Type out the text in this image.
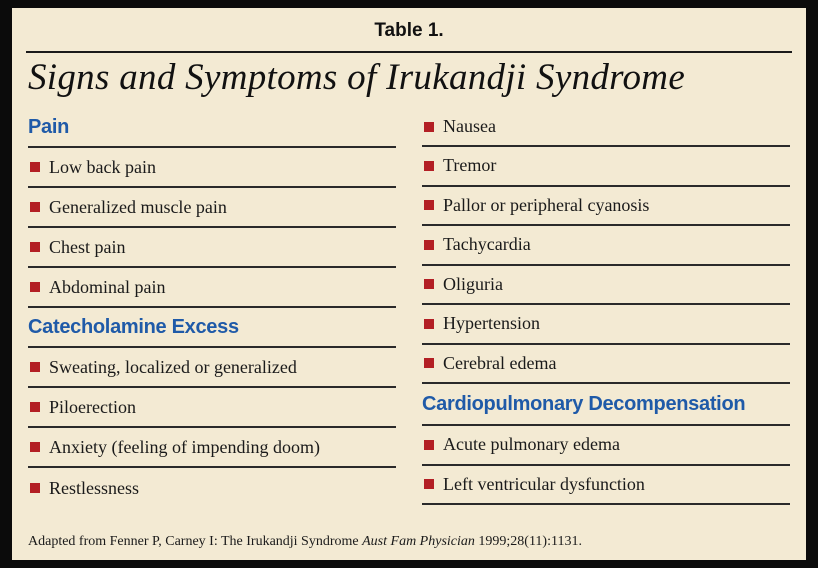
Table 1.
Signs and Symptoms of Irukandji Syndrome
Pain
Low back pain
Generalized muscle pain
Chest pain
Abdominal pain
Catecholamine Excess
Sweating, localized or generalized
Piloerection
Anxiety (feeling of impending doom)
Restlessness
Nausea
Tremor
Pallor or peripheral cyanosis
Tachycardia
Oliguria
Hypertension
Cerebral edema
Cardiopulmonary Decompensation
Acute pulmonary edema
Left ventricular dysfunction
Adapted from Fenner P, Carney I: The Irukandji Syndrome Aust Fam Physician 1999;28(11):1131.
